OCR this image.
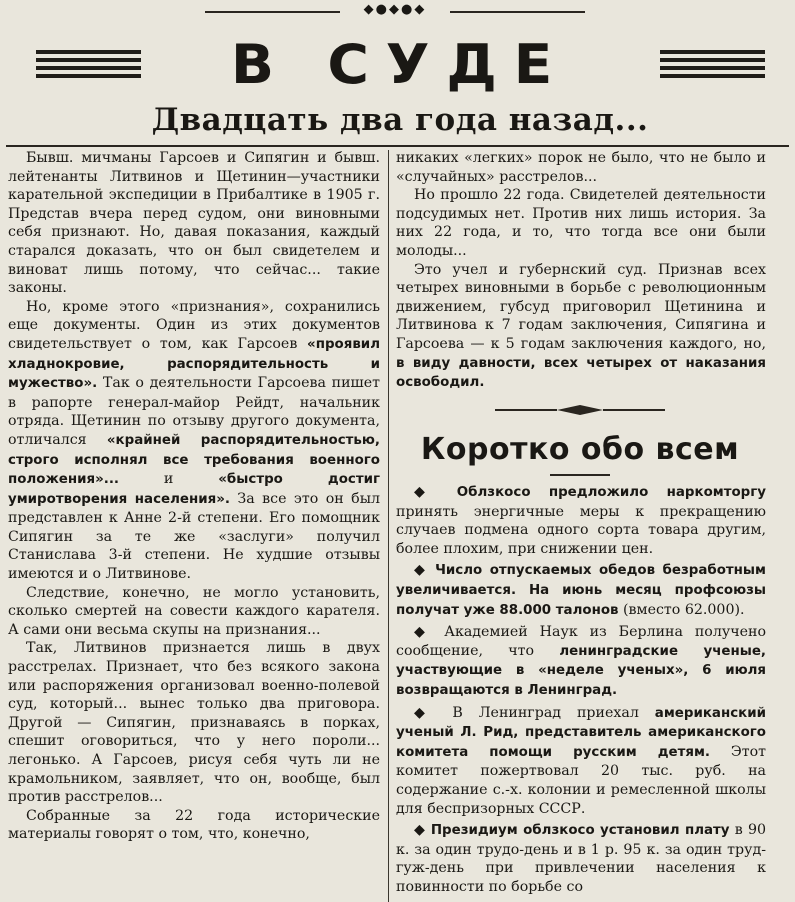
◆●◆●◆
В СУДЕ
Двадцать два года назад...

Бывш. мичманы Гарсоев и Сипягин и бывш. лейтенанты Литвинов и Щетинин—участники карательной экспедиции в Прибалтике в 1905 г. Представ вчера перед судом, они виновными себя признают. Но, давая показания, каждый старался доказать, что он был свидетелем и виноват лишь потому, что сейчас... такие законы.

Но, кроме этого «признания», сохранились еще документы. Один из этих документов свидетельствует о том, как Гарсоев «проявил хладнокровие, распорядительность и мужество». Так о деятельности Гарсоева пишет в рапорте генерал-майор Рейдт, начальник отряда. Щетинин по отзыву другого документа, отличался «крайней распорядительностью, строго исполнял все требования военного положения»... и «быстро достиг умиротворения населения». За все это он был представлен к Анне 2-й степени. Его помощник Сипягин за те же «заслуги» получил Станислава 3-й степени. Не худшие отзывы имеются и о Литвинове.

Следствие, конечно, не могло установить, сколько смертей на совести каждого карателя. А сами они весьма скупы на признания...

Так, Литвинов признается лишь в двух расстрелах. Признает, что без всякого закона или распоряжения организовал военно-полевой суд, который... вынес только два приговора. Другой — Сипягин, признаваясь в порках, спешит оговориться, что у него пороли... легонько. А Гарсоев, рисуя себя чуть ли не крамольником, заявляет, что он, вообще, был против расстрелов...

Собранные за 22 года исторические материалы говорят о том, что, конечно,

никаких «легких» порок не было, что не было и «случайных» расстрелов...

Но прошло 22 года. Свидетелей деятельности подсудимых нет. Против них лишь история. За них 22 года, и то, что тогда все они были молоды...

Это учел и губернский суд. Признав всех четырех виновными в борьбе с революционным движением, губсуд приговорил Щетинина и Литвинова к 7 годам заключения, Сипягина и Гарсоева — к 5 годам заключения каждого, но, в виду давности, всех четырех от наказания освободил.

Коротко обо всем

◆ Облзкосо предложило наркомторгу принять энергичные меры к прекращению случаев подмена одного сорта товара другим, более плохим, при снижении цен.

◆ Число отпускаемых обедов безработным увеличивается. На июнь месяц профсоюзы получат уже 88.000 талонов (вместо 62.000).

◆ Академией Наук из Берлина получено сообщение, что ленинградские ученые, участвующие в «неделе ученых», 6 июля возвращаются в Ленинград.

◆ В Ленинград приехал американский ученый Л. Рид, представитель американского комитета помощи русским детям. Этот комитет пожертвовал 20 тыс. руб. на содержание с.-х. колонии и ремесленной школы для беспризорных СССР.

◆ Президиум облзкосо установил плату в 90 к. за один трудо-день и в 1 р. 95 к. за один труд-гуж-день при привлечении населения к повинности по борьбе со
